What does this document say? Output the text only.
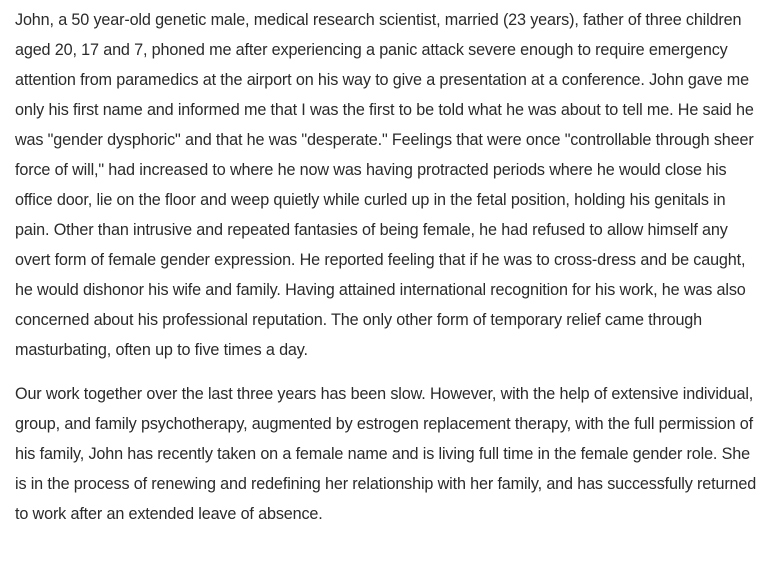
John, a 50 year-old genetic male, medical research scientist, married (23 years), father of three children aged 20, 17 and 7, phoned me after experiencing a panic attack severe enough to require emergency attention from paramedics at the airport on his way to give a presentation at a conference. John gave me only his first name and informed me that I was the first to be told what he was about to tell me. He said he was "gender dysphoric" and that he was "desperate." Feelings that were once "controllable through sheer force of will," had increased to where he now was having protracted periods where he would close his office door, lie on the floor and weep quietly while curled up in the fetal position, holding his genitals in pain. Other than intrusive and repeated fantasies of being female, he had refused to allow himself any overt form of female gender expression. He reported feeling that if he was to cross-dress and be caught, he would dishonor his wife and family. Having attained international recognition for his work, he was also concerned about his professional reputation. The only other form of temporary relief came through masturbating, often up to five times a day.

Our work together over the last three years has been slow. However, with the help of extensive individual, group, and family psychotherapy, augmented by estrogen replacement therapy, with the full permission of his family, John has recently taken on a female name and is living full time in the female gender role. She is in the process of renewing and redefining her relationship with her family, and has successfully returned to work after an extended leave of absence.
